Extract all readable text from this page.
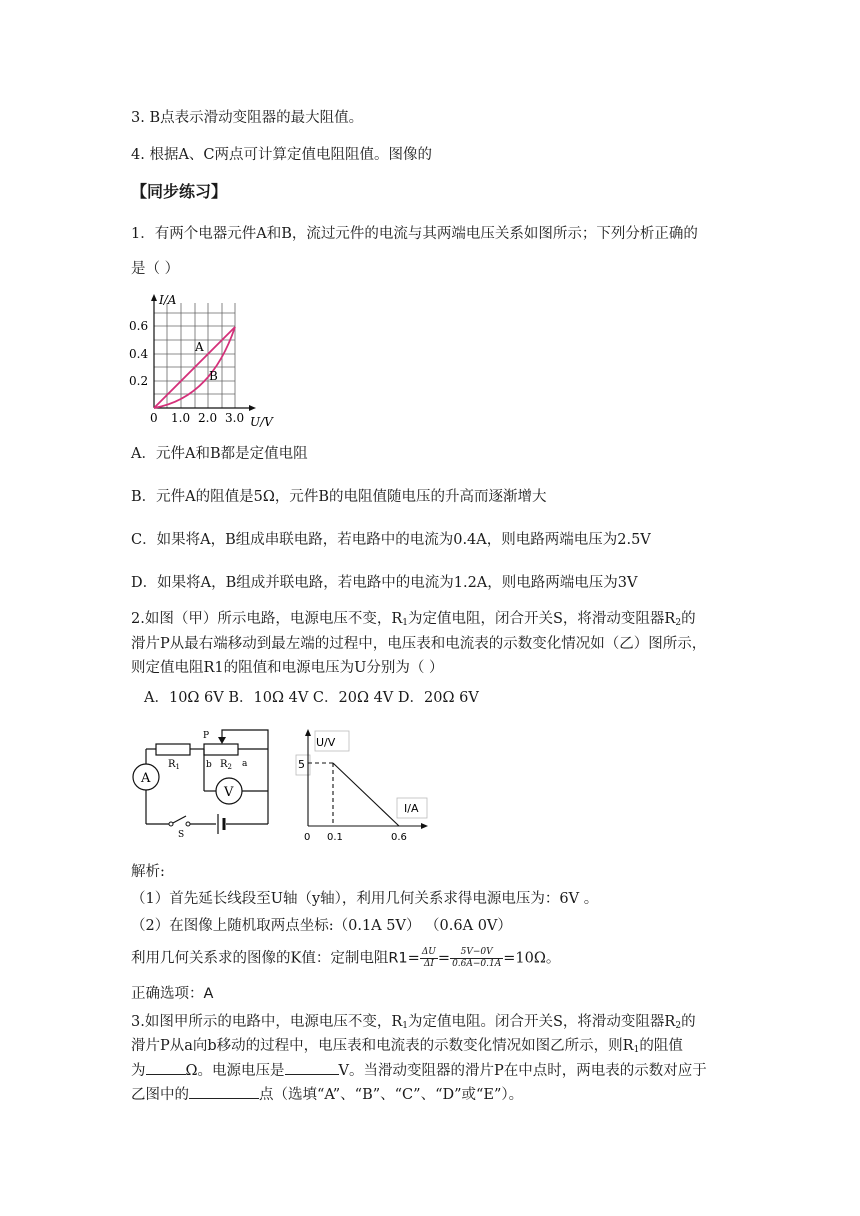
3. B点表示滑动变阻器的最大阻值。
4. 根据A、C两点可计算定值电阻阻值。图像的
【同步练习】
1．有两个电器元件A和B，流过元件的电流与其两端电压关系如图所示；下列分析正确的
是（ ）
A
B
I/A
U/V
0.6
0.4
0.2
0 1.0 2.0 3.0
A．元件A和B都是定值电阻
B．元件A的阻值是5Ω，元件B的电阻值随电压的升高而逐渐增大
C．如果将A，B组成串联电路，若电路中的电流为0.4A，则电路两端电压为2.5V
D．如果将A，B组成并联电路，若电路中的电流为1.2A，则电路两端电压为3V
2.如图（甲）所示电路，电源电压不变，$R_1$为定值电阻，闭合开关S，将滑动变阻器$R_2$的
滑片P从最右端移动到最左端的过程中，电压表和电流表的示数变化情况如（乙）图所示，
则定值电阻R1的阻值和电源电压为U分别为（ ）
A．10Ω 6V B．10Ω 4V C．20Ω 4V D．20Ω 6V
P
$R_1$	b $R_2$ a
A
V
S
U/V
I/A
5
0 0.1	0.6
解析:
（1）首先延长线段至U轴（y轴），利用几何关系求得电源电压为：6V 。
（2）在图像上随机取两点坐标:（0.1A 5V） （0.6A 0V）
利用几何关系求的图像的K值：定制电阻$R1= \frac{\Delta U}{\Delta I} = \frac{5V-0V}{0.6A-0.1A} =10\Omega$。
正确选项：A
3.如图甲所示的电路中，电源电压不变，$R_1$为定值电阻。闭合开关S，将滑动变阻器$R_2$的
滑片P从a向b移动的过程中，电压表和电流表的示数变化情况如图乙所示，则$R_1$的阻值
为	Ω。电源电压是	V。当滑动变阻器的滑片P在中点时，两电表的示数对应于
乙图中的	点（选填“A”、“B”、“C”、“D”或“E”）。
